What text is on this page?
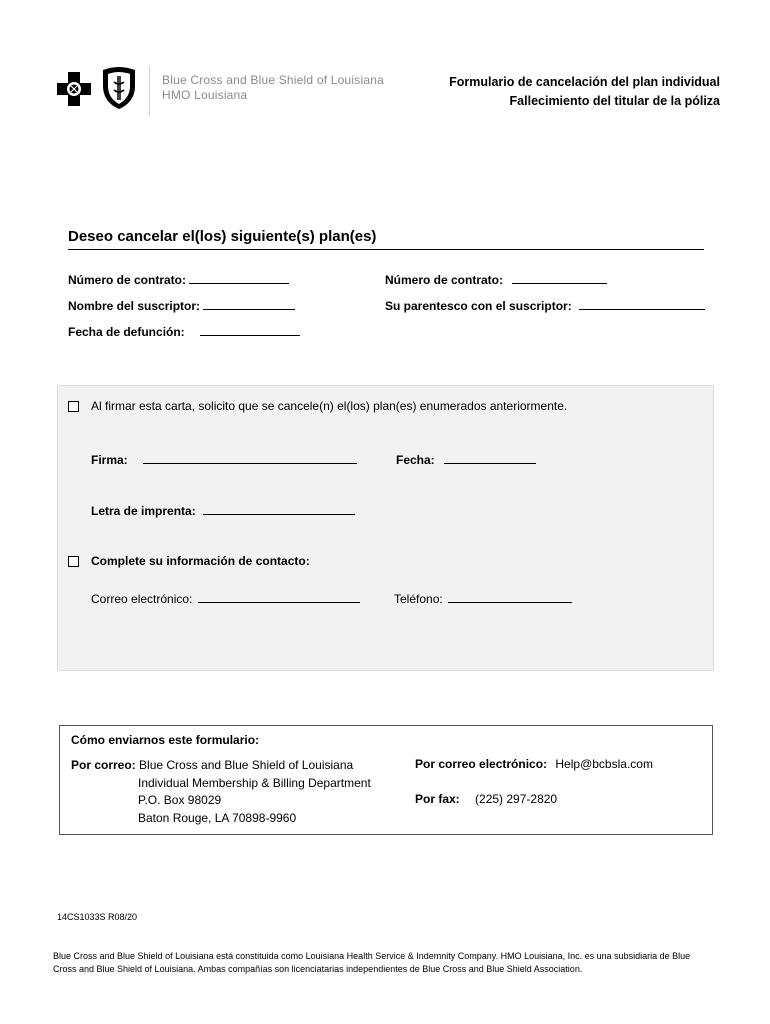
Blue Cross and Blue Shield of Louisiana
HMO Louisiana
Formulario de cancelación del plan individual
Fallecimiento del titular de la póliza
Deseo cancelar el(los) siguiente(s) plan(es)
Número de contrato:	Número de contrato:
Nombre del suscriptor:	Su parentesco con el suscriptor:
Fecha de defunción:
Al firmar esta carta, solicito que se cancele(n) el(los) plan(es) enumerados anteriormente.
Firma:	Fecha:
Letra de imprenta:
Complete su información de contacto:
Correo electrónico:	Teléfono:
Cómo enviarnos este formulario:
Por correo: Blue Cross and Blue Shield of Louisiana
Individual Membership & Billing Department
P.O. Box 98029
Baton Rouge, LA 70898-9960
Por correo electrónico: Help@bcbsla.com
Por fax: (225) 297-2820
14CS1033S R08/20
Blue Cross and Blue Shield of Louisiana está constituida como Louisiana Health Service & Indemnity Company. HMO Louisiana, Inc. es una subsidiaria de Blue Cross and Blue Shield of Louisiana. Ambas compañías son licenciatarias independientes de Blue Cross and Blue Shield Association.
